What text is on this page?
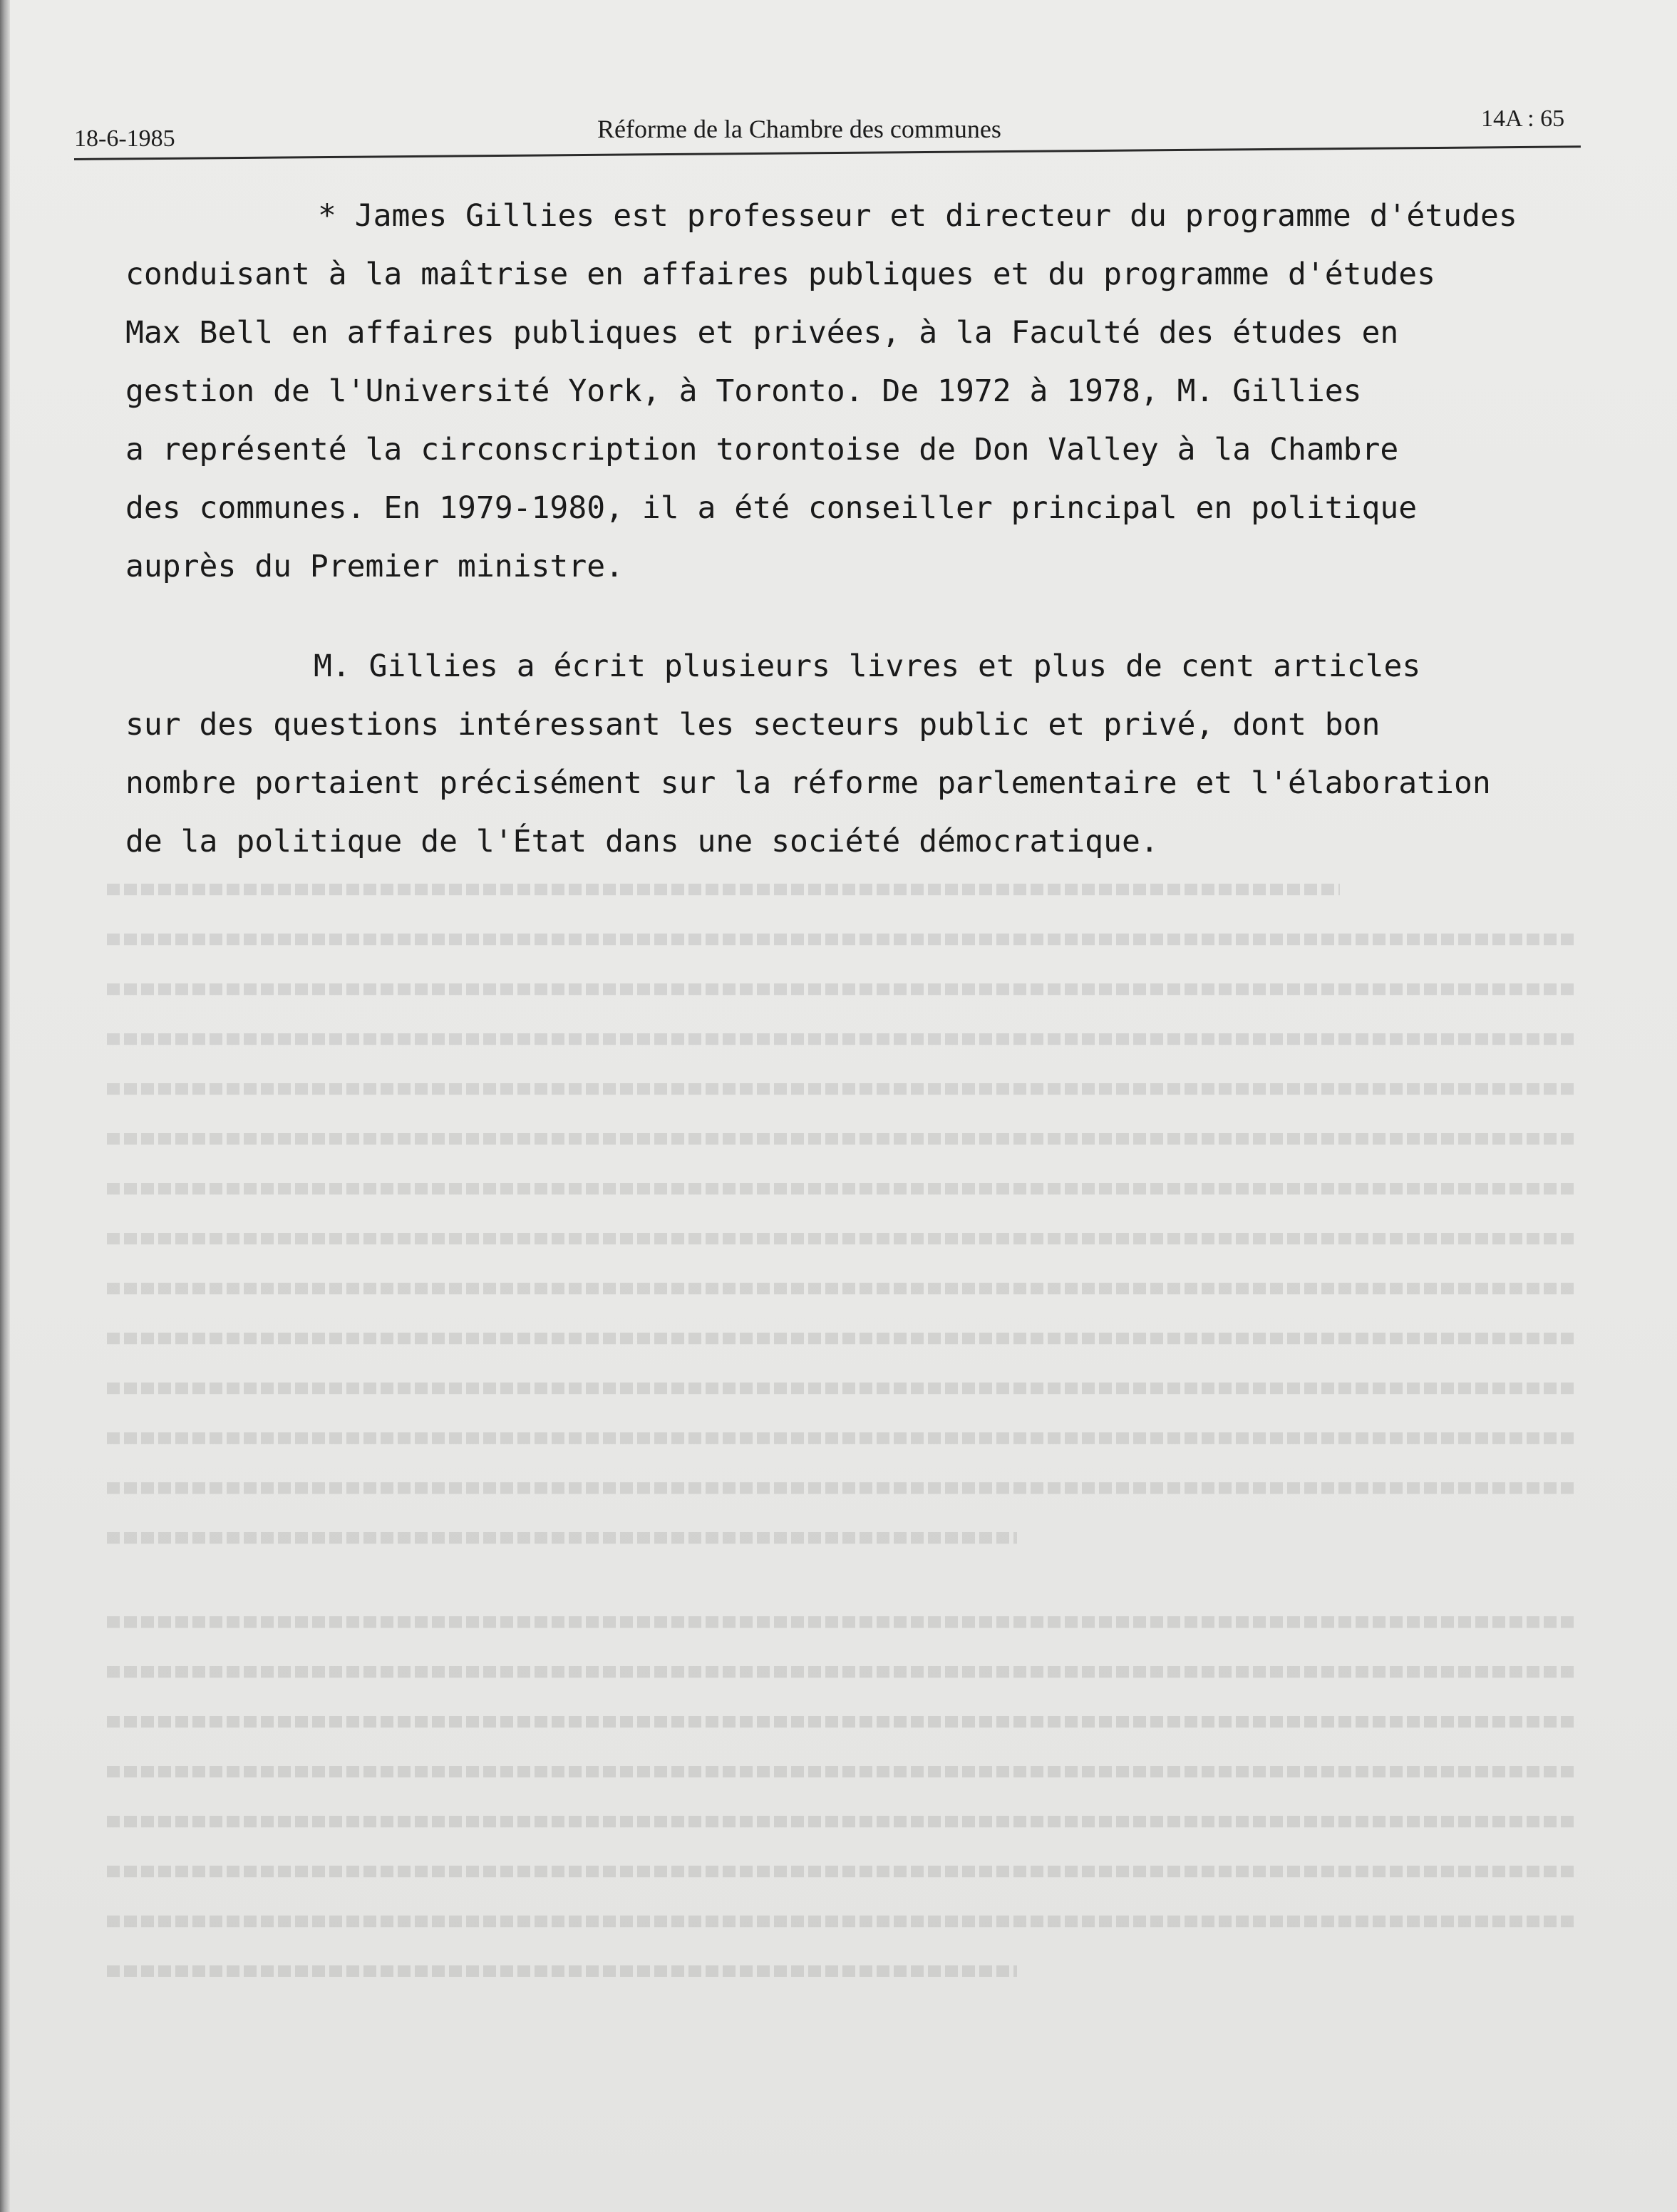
18-6-1985	Réforme de la Chambre des communes	14A : 65
* James Gillies est professeur et directeur du programme d'études
conduisant à la maîtrise en affaires publiques et du programme d'études
Max Bell en affaires publiques et privées, à la Faculté des études en
gestion de l'Université York, à Toronto. De 1972 à 1978, M. Gillies
a représenté la circonscription torontoise de Don Valley à la Chambre
des communes. En 1979-1980, il a été conseiller principal en politique
auprès du Premier ministre.
M. Gillies a écrit plusieurs livres et plus de cent articles
sur des questions intéressant les secteurs public et privé, dont bon
nombre portaient précisément sur la réforme parlementaire et l'élaboration
de la politique de l'État dans une société démocratique.
